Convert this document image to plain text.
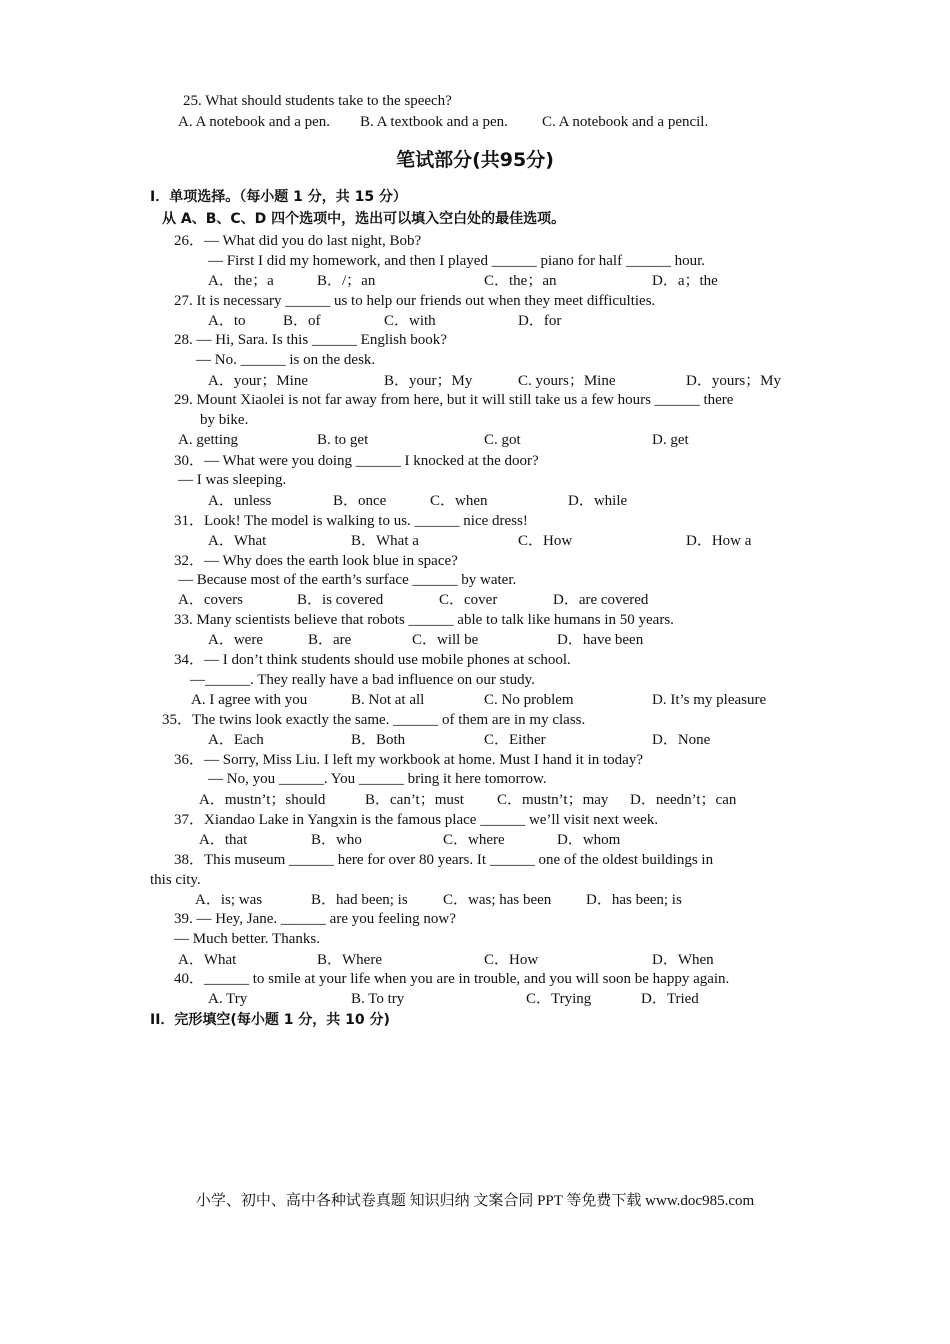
25. What should students take to the speech?
A. A notebook and a pen. B. A textbook and a pen. C. A notebook and a pencil.
笔试部分(共95分)
I．单项选择。（每小题 1 分，共 15 分）
从 A、B、C、D 四个选项中，选出可以填入空白处的最佳选项。
26．— What did you do last night, Bob?
— First I did my homework, and then I played ______ piano for half ______ hour.
A．the；a	B．/；an	C．the；an	D．a；the
27. It is necessary ______ us to help our friends out when they meet difficulties.
A．to B．of	C．with	D．for
28. — Hi, Sara. Is this ______ English book?
— No. ______ is on the desk.
A．your；Mine	B．your；My	C. yours；Mine	D．yours；My
29. Mount Xiaolei is not far away from here, but it will still take us a few hours ______ there
by bike.
A. getting	B. to get	C. got	D. get
30．— What were you doing ______ I knocked at the door?
— I was sleeping.
A．unless	B．once	C．when	D．while
31．Look! The model is walking to us. ______ nice dress!
A．What	B．What a	C．How	D．How a
32．— Why does the earth look blue in space?
— Because most of the earth’s surface ______ by water.
A．covers	B．is covered	C．cover	D．are covered
33. Many scientists believe that robots ______ able to talk like humans in 50 years.
A．were	B．are	C．will be	D．have been
34．— I don’t think students should use mobile phones at school.
—______. They really have a bad influence on our study.
A. I agree with you	B. Not at all	C. No problem	D. It’s my pleasure
35．The twins look exactly the same. ______ of them are in my class.
A．Each	B．Both	C．Either	D．None
36．— Sorry, Miss Liu. I left my workbook at home. Must I hand it in today?
— No, you ______. You ______ bring it here tomorrow.
A．mustn’t；should	B．can’t；must C．mustn’t；may D．needn’t；can
37．Xiandao Lake in Yangxin is the famous place ______ we’ll visit next week.
A．that	B．who	C．where	D．whom
38．This museum ______ here for over 80 years. It ______ one of the oldest buildings in
this city.
A．is; was	B．had been; is C．was; has been D．has been; is
39. — Hey, Jane. ______ are you feeling now?
— Much better. Thanks.
A．What	B．Where	C．How	D．When
40．______ to smile at your life when you are in trouble, and you will soon be happy again.
A. Try	B. To try	C．Trying	D．Tried
II．完形填空(每小题 1 分，共 10 分)
小学、初中、高中各种试卷真题 知识归纳 文案合同 PPT 等免费下载 www.doc985.com
